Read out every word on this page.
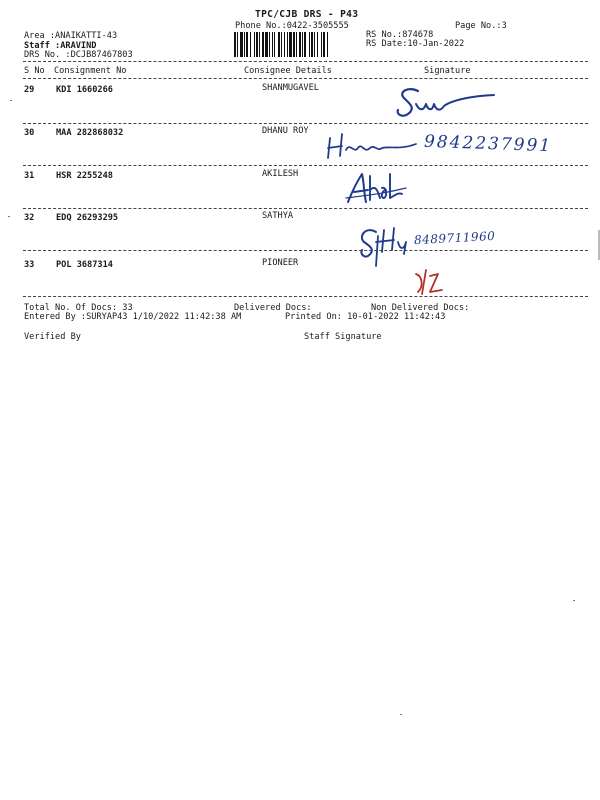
TPC/CJB DRS - P43
Phone No.:0422-3505555	Page No.:3
Area :ANAIKATTI-43
Staff :ARAVIND
DRS No. :DCJB87467803
RS No.:874678
RS Date:10-Jan-2022
S No Consignment No	Consignee Details	Signature
29	KDI 1660266	SHANMUGAVEL
30	MAA 282868032	DHANU ROY
9842237991
31	HSR 2255248	AKILESH
32	EDQ 26293295	SATHYA
8489711960
33	POL 3687314	PIONEER
Total No. Of Docs: 33	Delivered Docs:	Non Delivered Docs:
Entered By :SURYAP43 1/10/2022 11:42:38 AM	Printed On: 10-01-2022 11:42:43
Verified By	Staff Signature
